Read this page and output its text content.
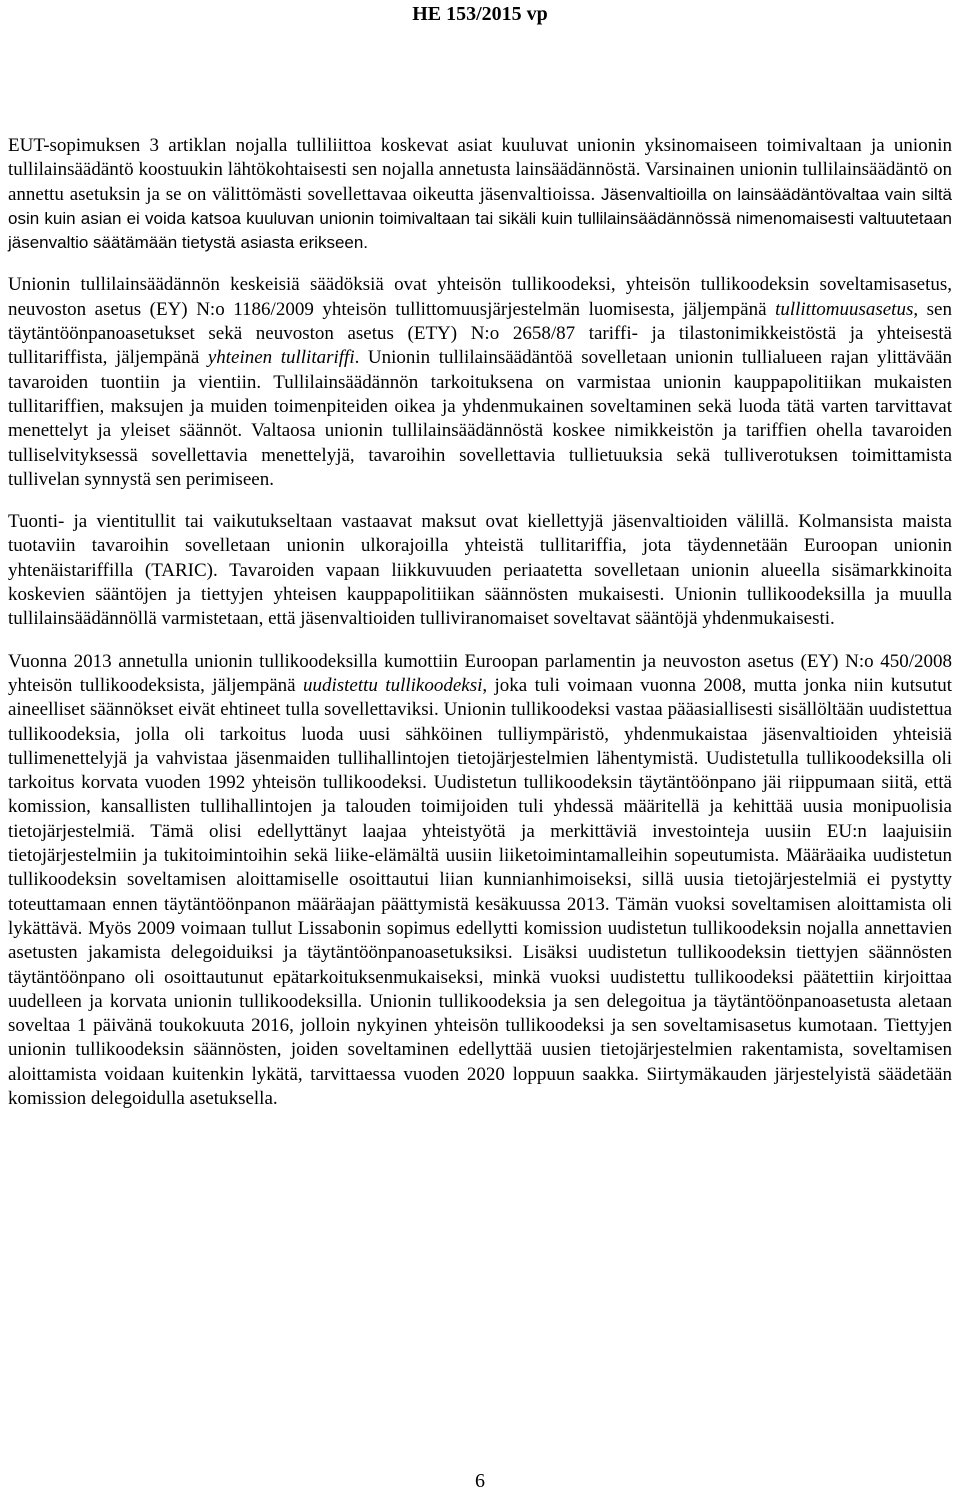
HE 153/2015 vp

EUT-sopimuksen 3 artiklan nojalla tulliliittoa koskevat asiat kuuluvat unionin yksinomaiseen toimivaltaan ja unionin tullilainsäädäntö koostuukin lähtökohtaisesti sen nojalla annetusta lainsäädännöstä. Varsinainen unionin tullilainsäädäntö on annettu asetuksin ja se on välittömästi sovellettavaa oikeutta jäsenvaltioissa. Jäsenvaltioilla on lainsäädäntövaltaa vain siltä osin kuin asian ei voida katsoa kuuluvan unionin toimivaltaan tai sikäli kuin tullilainsäädännössä nimenomaisesti valtuutetaan jäsenvaltio säätämään tietystä asiasta erikseen.

Unionin tullilainsäädännön keskeisiä säädöksiä ovat yhteisön tullikoodeksi, yhteisön tullikoodeksin soveltamisasetus, neuvoston asetus (EY) N:o 1186/2009 yhteisön tullittomuusjärjestelmän luomisesta, jäljempänä tullittomuusasetus, sen täytäntöönpanoasetukset sekä neuvoston asetus (ETY) N:o 2658/87 tariffi- ja tilastonimikkeistöstä ja yhteisestä tullitariffista, jäljempänä yhteinen tullitariffi. Unionin tullilainsäädäntöä sovelletaan unionin tullialueen rajan ylittävään tavaroiden tuontiin ja vientiin. Tullilainsäädännön tarkoituksena on varmistaa unionin kauppapolitiikan mukaisten tullitariffien, maksujen ja muiden toimenpiteiden oikea ja yhdenmukainen soveltaminen sekä luoda tätä varten tarvittavat menettelyt ja yleiset säännöt. Valtaosa unionin tullilainsäädännöstä koskee nimikkeistön ja tariffien ohella tavaroiden tulliselvityksessä sovellettavia menettelyjä, tavaroihin sovellettavia tullietuuksia sekä tulliverotuksen toimittamista tullivelan synnystä sen perimiseen.

Tuonti- ja vientitullit tai vaikutukseltaan vastaavat maksut ovat kiellettyjä jäsenvaltioiden välillä. Kolmansista maista tuotaviin tavaroihin sovelletaan unionin ulkorajoilla yhteistä tullitariffia, jota täydennetään Euroopan unionin yhtenäistariffilla (TARIC). Tavaroiden vapaan liikkuvuuden periaatetta sovelletaan unionin alueella sisämarkkinoita koskevien sääntöjen ja tiettyjen yhteisen kauppapolitiikan säännösten mukaisesti. Unionin tullikoodeksilla ja muulla tullilainsäädännöllä varmistetaan, että jäsenvaltioiden tulliviranomaiset soveltavat sääntöjä yhdenmukaisesti.

Vuonna 2013 annetulla unionin tullikoodeksilla kumottiin Euroopan parlamentin ja neuvoston asetus (EY) N:o 450/2008 yhteisön tullikoodeksista, jäljempänä uudistettu tullikoodeksi, joka tuli voimaan vuonna 2008, mutta jonka niin kutsutut aineelliset säännökset eivät ehtineet tulla sovellettaviksi. Unionin tullikoodeksi vastaa pääasiallisesti sisällöltään uudistettua tullikoodeksia, jolla oli tarkoitus luoda uusi sähköinen tulliympäristö, yhdenmukaistaa jäsenvaltioiden yhteisiä tullimenettelyjä ja vahvistaa jäsenmaiden tullihallintojen tietojärjestelmien lähentymistä. Uudistetulla tullikoodeksilla oli tarkoitus korvata vuoden 1992 yhteisön tullikoodeksi. Uudistetun tullikoodeksin täytäntöönpano jäi riippumaan siitä, että komission, kansallisten tullihallintojen ja talouden toimijoiden tuli yhdessä määritellä ja kehittää uusia monipuolisia tietojärjestelmiä. Tämä olisi edellyttänyt laajaa yhteistyötä ja merkittäviä investointeja uusiin EU:n laajuisiin tietojärjestelmiin ja tukitoimintoihin sekä liike-elämältä uusiin liiketoimintamalleihin sopeutumista. Määräaika uudistetun tullikoodeksin soveltamisen aloittamiselle osoittautui liian kunnianhimoiseksi, sillä uusia tietojärjestelmiä ei pystytty toteuttamaan ennen täytäntöönpanon määräajan päättymistä kesäkuussa 2013. Tämän vuoksi soveltamisen aloittamista oli lykättävä. Myös 2009 voimaan tullut Lissabonin sopimus edellytti komission uudistetun tullikoodeksin nojalla annettavien asetusten jakamista delegoiduiksi ja täytäntöönpanoasetuksiksi. Lisäksi uudistetun tullikoodeksin tiettyjen säännösten täytäntöönpano oli osoittautunut epätarkoituksenmukaiseksi, minkä vuoksi uudistettu tullikoodeksi päätettiin kirjoittaa uudelleen ja korvata unionin tullikoodeksilla. Unionin tullikoodeksia ja sen delegoitua ja täytäntöönpanoasetusta aletaan soveltaa 1 päivänä toukokuuta 2016, jolloin nykyinen yhteisön tullikoodeksi ja sen soveltamisasetus kumotaan. Tiettyjen unionin tullikoodeksin säännösten, joiden soveltaminen edellyttää uusien tietojärjestelmien rakentamista, soveltamisen aloittamista voidaan kuitenkin lykätä, tarvittaessa vuoden 2020 loppuun saakka. Siirtymäkauden järjestelyistä säädetään komission delegoidulla asetuksella.

6
